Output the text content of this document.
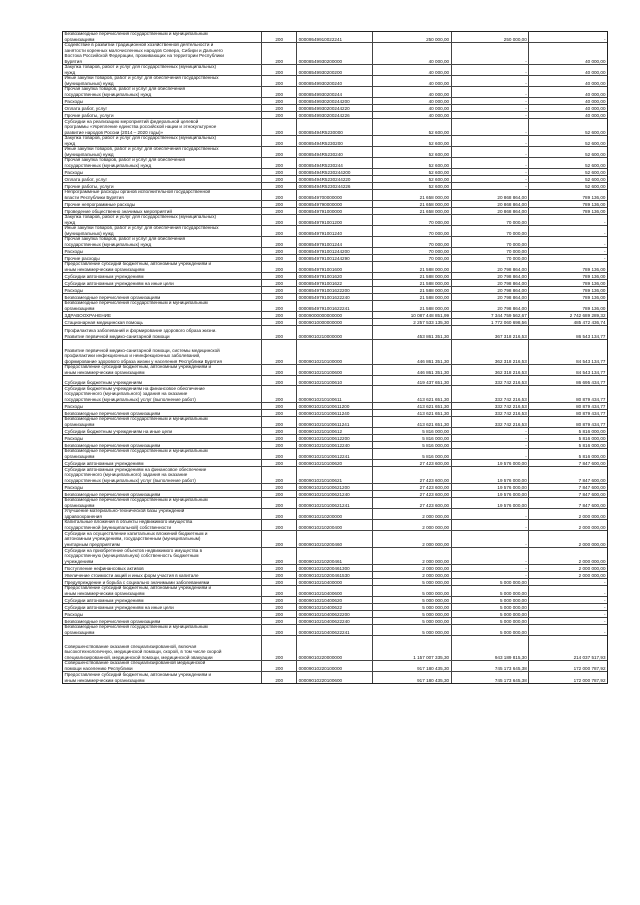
Безвозмездные перечисления государственным и муниципальным
организациям	200	00009549910022241	250 000,00	250 000,00	-
Содействие в развитии традиционной хозяйственной деятельности и
занятости коренных малочисленных народов Севера, Сибири и Дальнего
Востока Российской Федерации, проживающих на территории Республики
Бурятия	200	00008549930200000	40 000,00	-	40 000,00
Закупка товаров, работ и услуг для государственных (муниципальных)
нужд	200	00008549930200200	40 000,00	-	40 000,00
Иные закупки товаров, работ и услуг для обеспечения государственных
(муниципальных) нужд	200	00008549930200240	40 000,00	-	40 000,00
Прочая закупка товаров, работ и услуг для обеспечения
государственных (муниципальных) нужд	200	00008549930200244	40 000,00	-	40 000,00
Расходы	200	00008549930200244200	40 000,00	-	40 000,00
Оплата работ, услуг	200	00008549930200244220	40 000,00	-	40 000,00
Прочие работы, услуги	200	00008549930200244226	40 000,00	-	40 000,00
Субсидии на реализацию мероприятий федеральной целевой
программы «Укрепление единства российской нации и этнокультурное
развитие народов России (2014 – 2020 годы)»	200	000085494R5230000	52 600,00	-	52 600,00
Закупка товаров, работ и услуг для государственных (муниципальных)
нужд	200	000085494R5230200	52 600,00	-	52 600,00
Иные закупки товаров, работ и услуг для обеспечения государственных
(муниципальных) нужд	200	000085494R5230240	52 600,00	-	52 600,00
Прочая закупка товаров, работ и услуг для обеспечения
государственных (муниципальных) нужд	200	000085494R5230244	52 600,00	-	52 600,00
Расходы	200	000085494R5230244200	52 600,00	-	52 600,00
Оплата работ, услуг	200	000085494R5230244220	52 600,00	-	52 600,00
Прочие работы, услуги	200	000085494R5230244226	52 600,00	-	52 600,00
Непрограммные расходы органов исполнительной государственной
власти Республики Бурятия	200	00008549700000000	21 658 000,00	20 868 864,00	789 136,00
Прочие непрограммные расходы	200	00008549790000000	21 658 000,00	20 868 864,00	789 136,00
Проведение общественно значимых мероприятий	200	00008549791000000	21 658 000,00	20 868 864,00	789 136,00
Закупка товаров, работ и услуг для государственных (муниципальных)
нужд	200	00008549791001200	70 000,00	70 000,00	-
Иные закупки товаров, работ и услуг для обеспечения государственных
(муниципальных) нужд	200	00008549791001240	70 000,00	70 000,00	-
Прочая закупка товаров, работ и услуг для обеспечения
государственных (муниципальных) нужд	200	00008549791001244	70 000,00	70 000,00	-
Расходы	200	00008549791001244200	70 000,00	70 000,00	-
Прочие расходы	200	00008549791001244290	70 000,00	70 000,00	-
Предоставление субсидий бюджетным, автономным учреждениям и
иным некоммерческим организациям	200	00008549791001600	21 588 000,00	20 798 864,00	789 136,00
Субсидии автономным учреждениям	200	00008549791001620	21 588 000,00	20 798 864,00	789 136,00
Субсидии автономным учреждениям на иные цели	200	00008549791001622	21 588 000,00	20 798 864,00	789 136,00
Расходы	200	00008549791001622200	21 588 000,00	20 798 864,00	789 136,00
Безвозмездные перечисления организациям	200	00008549791001622240	21 588 000,00	20 798 864,00	789 136,00
Безвозмездные перечисления государственным и муниципальным
организациям	200	00008549791001622241	21 588 000,00	20 798 864,00	789 136,00
ЗДРАВООХРАНЕНИЕ	200	00009000000000000	10 087 448 851,99	7 344 759 562,67	2 742 689 289,32
Стационарная медицинская помощь	200	00009010000000000	2 257 533 135,30	1 772 060 698,56	485 472 436,74
Профилактика заболеваний и формирование здорового образа жизни.
Развитие первичной медико-санитарной помощи	200	00009010210000000	453 861 351,30	367 318 216,53	86 543 134,77
Развитие первичной медико-санитарной помощи, системы медицинской
профилактики инфекционных и неинфекционных заболеваний,
формирование здорового образа жизни у населения Республики Бурятия	200	00009010210100000	446 861 351,30	362 318 216,53	84 543 134,77
Предоставление субсидий бюджетным, автономным учреждениям и
иным некоммерческим организациям	200	00009010210100600	446 861 351,30	362 318 216,53	84 543 134,77
Субсидии бюджетным учреждениям	200	00009010210100610	419 437 651,30	332 742 216,53	86 695 434,77
Субсидии бюджетным учреждениям на финансовое обеспечение
государственного (муниципального) задания на оказание
государственных (муниципальных) услуг (выполнение работ)	200	00009010210100611	413 621 651,30	332 742 216,53	80 879 434,77
Расходы	200	00009010210100611200	413 621 651,30	332 742 216,53	80 879 434,77
Безвозмездные перечисления организациям	200	00009010210100611240	413 621 651,30	332 742 216,53	80 879 434,77
Безвозмездные перечисления государственным и муниципальным
организациям	200	00009010210100611241	413 621 651,30	332 742 216,53	80 879 434,77
Субсидии бюджетным учреждениям на иные цели	200	00009010210100612	5 816 000,00	-	5 816 000,00
Расходы	200	00009010210100612200	5 816 000,00	-	5 816 000,00
Безвозмездные перечисления организациям	200	00009010210100612240	5 816 000,00	-	5 816 000,00
Безвозмездные перечисления государственным и муниципальным
организациям	200	00009010210100612241	5 816 000,00	-	5 816 000,00
Субсидии автономным учреждениям	200	00009010210100620	27 423 600,00	19 576 000,00	7 847 600,00
Субсидии автономным учреждениям на финансовое обеспечение
государственного (муниципального) задания на оказание
государственных (муниципальных) услуг (выполнение работ)	200	00009010210100621	27 423 600,00	19 576 000,00	7 847 600,00
Расходы	200	00009010210100621200	27 423 600,00	19 576 000,00	7 847 600,00
Безвозмездные перечисления организациям	200	00009010210100621240	27 423 600,00	19 576 000,00	7 847 600,00
Безвозмездные перечисления государственным и муниципальным
организациям	200	00009010210100621241	27 423 600,00	19 576 000,00	7 847 600,00
Улучшение материально-технической базы учреждений
здравоохранения	200	00009010210200000	2 000 000,00	-	2 000 000,00
Капитальные вложения в объекты недвижимого имущества
государственной (муниципальной) собственности	200	00009010210200400	2 000 000,00	-	2 000 000,00
Субсидии на осуществление капитальных вложений бюджетным и
автономным учреждениям, государственным (муниципальным)
унитарным предприятиям	200	00009010210200460	2 000 000,00	-	2 000 000,00
Субсидии на приобретение объектов недвижимого имущества в
государственную (муниципальную) собственность бюджетным
учреждениям	200	00009010210200461	2 000 000,00	-	2 000 000,00
Поступление нефинансовых активов	200	00009010210200461300	2 000 000,00	-	2 000 000,00
Увеличение стоимости акций и иных форм участия в капитале	200	00009010210200461530	2 000 000,00	-	2 000 000,00
Предупреждение и борьба с социально значимыми заболеваниями	200	00009010210400000	5 000 000,00	5 000 000,00	-
Предоставление субсидий бюджетным, автономным учреждениям и
иным некоммерческим организациям	200	00009010210400600	5 000 000,00	5 000 000,00	-
Субсидии автономным учреждениям	200	00009010210400620	5 000 000,00	5 000 000,00	-
Субсидии автономным учреждениям на иные цели	200	00009010210400622	5 000 000,00	5 000 000,00	-
Расходы	200	00009010210400622200	5 000 000,00	5 000 000,00	-
Безвозмездные перечисления организациям	200	00009010210400622240	5 000 000,00	5 000 000,00	-
Безвозмездные перечисления государственным и муниципальным
организациям	200	00009010210400622241	5 000 000,00	5 000 000,00	-
Совершенствование оказания специализированной, включая
высокотехнологичную, медицинской помощи, скорой, в том числе скорой
специализированной, медицинской помощи, медицинской эвакуации	200	00009010220000000	1 157 007 335,30	943 189 815,30	214 037 517,93
Совершенствование оказания специализированной медицинской
помощи населению Республики	200	00009010220100000	917 180 435,30	745 173 645,38	172 000 787,92
Предоставление субсидий бюджетным, автономным учреждениям и
иным некоммерческим организациям	200	00009010220100600	917 180 435,30	745 173 645,38	172 000 787,92
